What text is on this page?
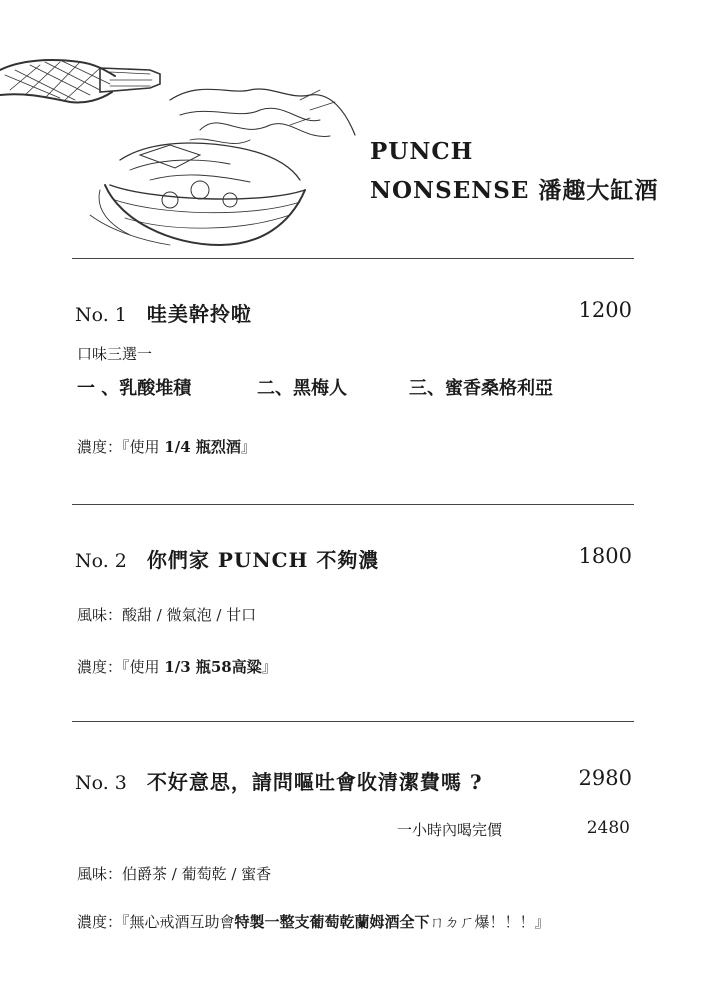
PUNCH
NONSENSE 潘趣大缸酒
No. 1 哇美幹拎啦	1200
口味三選一
一 、乳酸堆積	二、黑梅人	三、蜜香桑格利亞
濃度：『使用 1/4 瓶烈酒』
No. 2 你們家 PUNCH 不夠濃	1800
風味：酸甜 / 微氣泡 / 甘口
濃度：『使用 1/3 瓶58高粱』
No. 3 不好意思，請問嘔吐會收清潔費嗎 ?	2980
一小時內喝完價	2480
風味：伯爵茶 / 葡萄乾 / 蜜香
濃度：『無心戒酒互助會特製一整支葡萄乾蘭姆酒全下ㄇㄉㄏ爆！！！』
